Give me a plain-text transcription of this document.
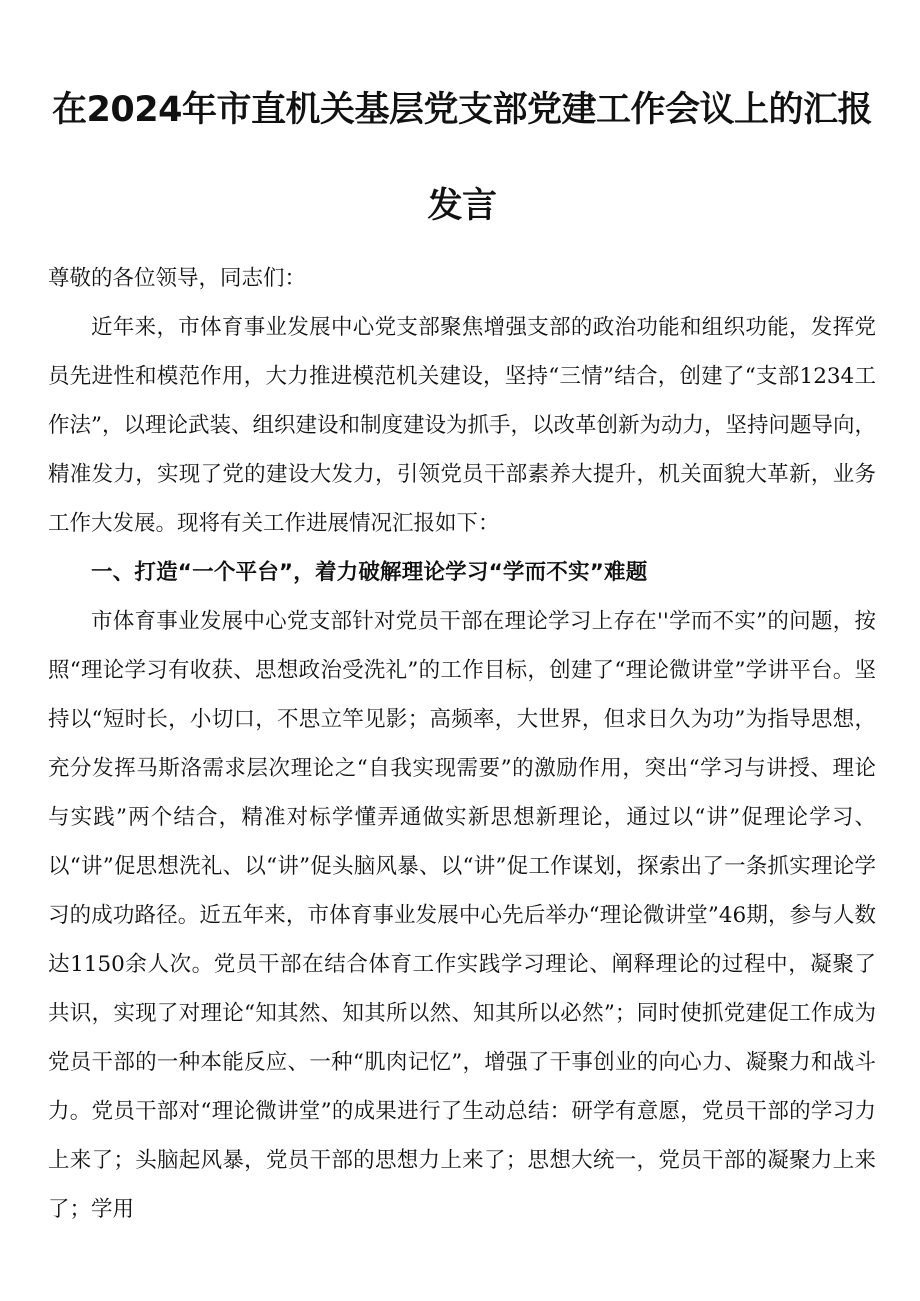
在2024年市直机关基层党支部党建工作会议上的汇报发言

尊敬的各位领导，同志们：

近年来，市体育事业发展中心党支部聚焦增强支部的政治功能和组织功能，发挥党员先进性和模范作用，大力推进模范机关建设，坚持“三情”结合，创建了“支部1234工作法”，以理论武装、组织建设和制度建设为抓手，以改革创新为动力，坚持问题导向，精准发力，实现了党的建设大发力，引领党员干部素养大提升，机关面貌大革新，业务工作大发展。现将有关工作进展情况汇报如下：

一、打造“一个平台”，着力破解理论学习“学而不实”难题

市体育事业发展中心党支部针对党员干部在理论学习上存在''学而不实”的问题，按照“理论学习有收获、思想政治受洗礼”的工作目标，创建了“理论微讲堂”学讲平台。坚持以“短时长，小切口，不思立竿见影；高频率，大世界，但求日久为功”为指导思想，充分发挥马斯洛需求层次理论之“自我实现需要”的激励作用，突出“学习与讲授、理论与实践”两个结合，精准对标学懂弄通做实新思想新理论，通过以“讲”促理论学习、以“讲”促思想洗礼、以“讲”促头脑风暴、以“讲”促工作谋划，探索出了一条抓实理论学习的成功路径。近五年来，市体育事业发展中心先后举办“理论微讲堂”46期，参与人数达1150余人次。党员干部在结合体育工作实践学习理论、阐释理论的过程中，凝聚了共识，实现了对理论“知其然、知其所以然、知其所以必然”；同时使抓党建促工作成为党员干部的一种本能反应、一种“肌肉记忆”，增强了干事创业的向心力、凝聚力和战斗力。党员干部对“理论微讲堂”的成果进行了生动总结：研学有意愿，党员干部的学习力上来了；头脑起风暴，党员干部的思想力上来了；思想大统一，党员干部的凝聚力上来了；学用
